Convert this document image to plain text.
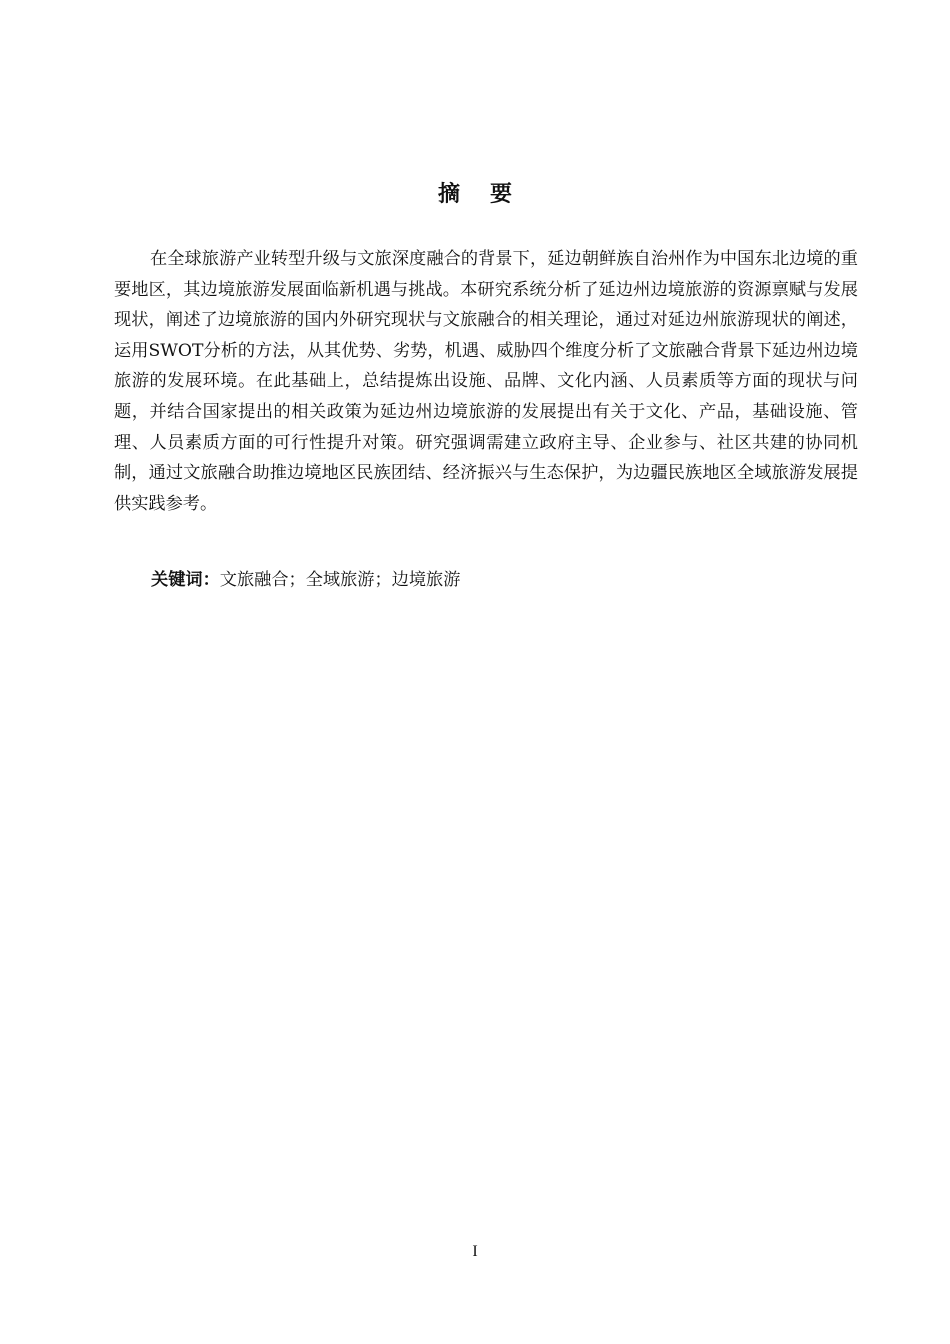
摘要

在全球旅游产业转型升级与文旅深度融合的背景下，延边朝鲜族自治州作为中国东北边境的重要地区，其边境旅游发展面临新机遇与挑战。本研究系统分析了延边州边境旅游的资源禀赋与发展现状，阐述了边境旅游的国内外研究现状与文旅融合的相关理论，通过对延边州旅游现状的阐述，运用SWOT分析的方法，从其优势、劣势，机遇、威胁四个维度分析了文旅融合背景下延边州边境旅游的发展环境。在此基础上，总结提炼出设施、品牌、文化内涵、人员素质等方面的现状与问题，并结合国家提出的相关政策为延边州边境旅游的发展提出有关于文化、产品，基础设施、管理、人员素质方面的可行性提升对策。研究强调需建立政府主导、企业参与、社区共建的协同机制，通过文旅融合助推边境地区民族团结、经济振兴与生态保护，为边疆民族地区全域旅游发展提供实践参考。

关键词：文旅融合；全域旅游；边境旅游

I
